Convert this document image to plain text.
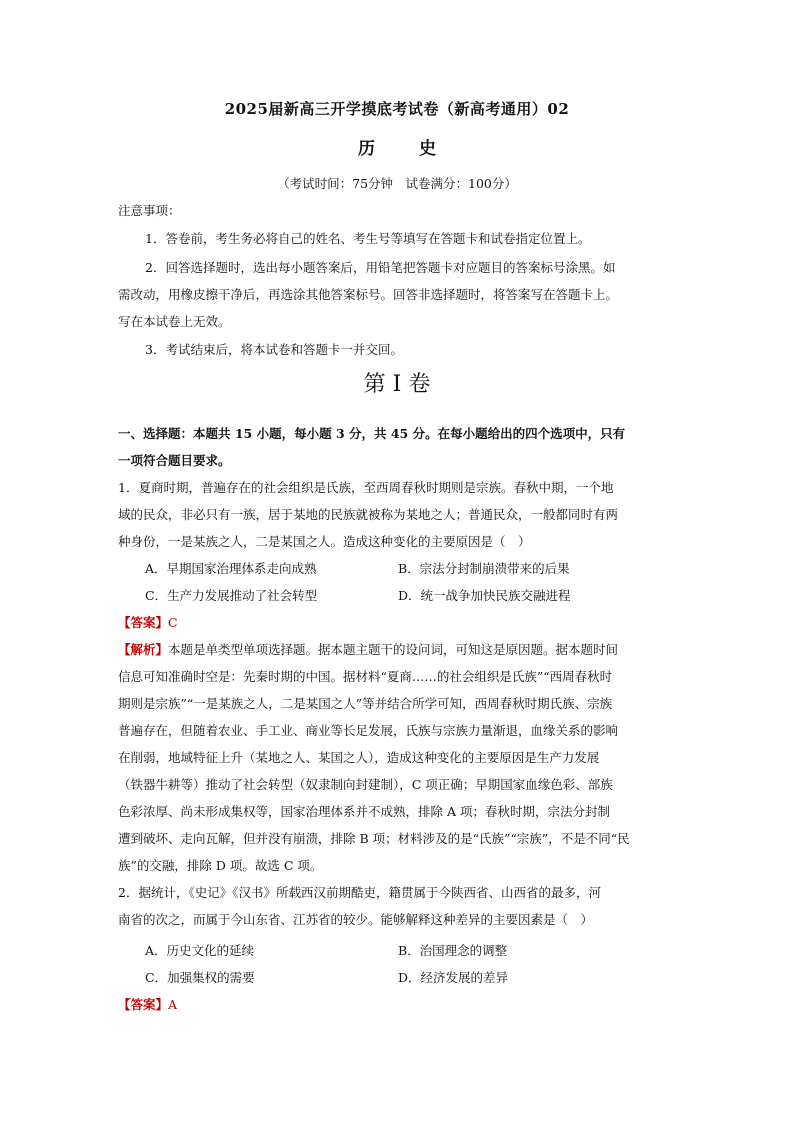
2025届新高三开学摸底考试卷（新高考通用）02
历史
（考试时间：75分钟　试卷满分：100分）
注意事项：
1．答卷前，考生务必将自己的姓名、考生号等填写在答题卡和试卷指定位置上。
2．回答选择题时，选出每小题答案后，用铅笔把答题卡对应题目的答案标号涂黑。如
需改动，用橡皮擦干净后，再选涂其他答案标号。回答非选择题时，将答案写在答题卡上。
写在本试卷上无效。
3．考试结束后，将本试卷和答题卡一并交回。
第 I 卷
一、选择题：本题共 15 小题，每小题 3 分，共 45 分。在每小题给出的四个选项中，只有
一项符合题目要求。
1．夏商时期，普遍存在的社会组织是氏族，至西周春秋时期则是宗族。春秋中期，一个地
域的民众，非必只有一族，居于某地的民族就被称为某地之人；普通民众，一般都同时有两
种身份，一是某族之人，二是某国之人。造成这种变化的主要原因是（　）
A．早期国家治理体系走向成熟	B．宗法分封制崩溃带来的后果
C．生产力发展推动了社会转型	D．统一战争加快民族交融进程
【答案】C
【解析】本题是单类型单项选择题。据本题主题干的设问词，可知这是原因题。据本题时间
信息可知准确时空是：先秦时期的中国。据材料“夏商……的社会组织是氏族”“西周春秋时
期则是宗族”“一是某族之人，二是某国之人”等并结合所学可知，西周春秋时期氏族、宗族
普遍存在，但随着农业、手工业、商业等长足发展，氏族与宗族力量渐退，血缘关系的影响
在削弱，地域特征上升（某地之人、某国之人），造成这种变化的主要原因是生产力发展
（铁器牛耕等）推动了社会转型（奴隶制向封建制），C 项正确；早期国家血缘色彩、部族
色彩浓厚、尚未形成集权等，国家治理体系并不成熟，排除 A 项；春秋时期，宗法分封制
遭到破坏、走向瓦解，但并没有崩溃，排除 B 项；材料涉及的是“氏族”“宗族”，不是不同“民
族”的交融，排除 D 项。故选 C 项。
2．据统计，《史记》《汉书》所载西汉前期酷吏，籍贯属于今陕西省、山西省的最多，河
南省的次之，而属于今山东省、江苏省的较少。能够解释这种差异的主要因素是（　）
A．历史文化的延续	B．治国理念的调整
C．加强集权的需要	D．经济发展的差异
【答案】A
